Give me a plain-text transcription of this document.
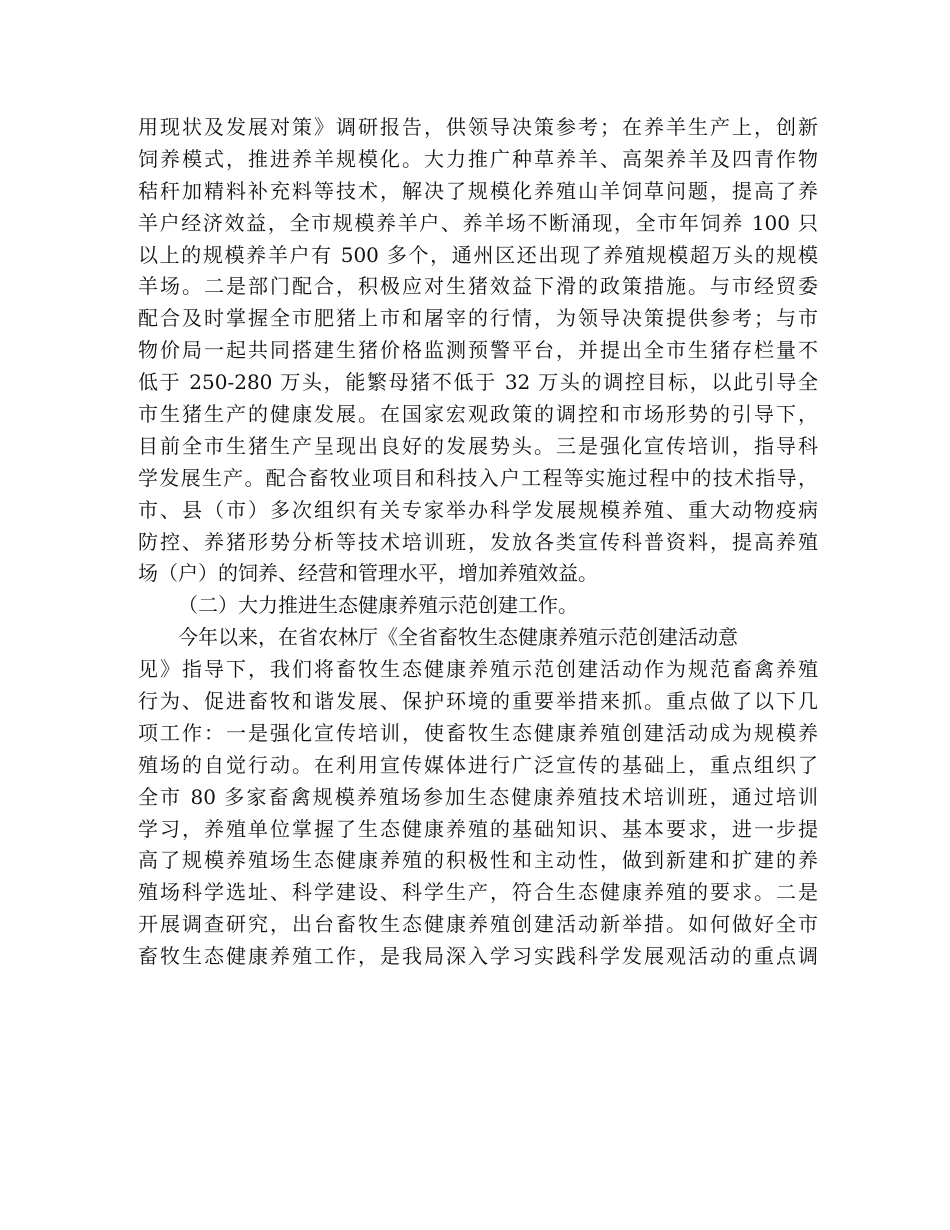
用现状及发展对策》调研报告，供领导决策参考；在养羊生产上，创新
饲养模式，推进养羊规模化。大力推广种草养羊、高架养羊及四青作物
秸秆加精料补充料等技术，解决了规模化养殖山羊饲草问题，提高了养
羊户经济效益，全市规模养羊户、养羊场不断涌现，全市年饲养 100 只
以上的规模养羊户有 500 多个，通州区还出现了养殖规模超万头的规模
羊场。二是部门配合，积极应对生猪效益下滑的政策措施。与市经贸委
配合及时掌握全市肥猪上市和屠宰的行情，为领导决策提供参考；与市
物价局一起共同搭建生猪价格监测预警平台，并提出全市生猪存栏量不
低于 250-280 万头，能繁母猪不低于 32 万头的调控目标，以此引导全
市生猪生产的健康发展。在国家宏观政策的调控和市场形势的引导下，
目前全市生猪生产呈现出良好的发展势头。三是强化宣传培训，指导科
学发展生产。配合畜牧业项目和科技入户工程等实施过程中的技术指导，
市、县（市）多次组织有关专家举办科学发展规模养殖、重大动物疫病
防控、养猪形势分析等技术培训班，发放各类宣传科普资料，提高养殖
场（户）的饲养、经营和管理水平，增加养殖效益。
（二）大力推进生态健康养殖示范创建工作。
今年以来，在省农林厅《全省畜牧生态健康养殖示范创建活动意
见》指导下，我们将畜牧生态健康养殖示范创建活动作为规范畜禽养殖
行为、促进畜牧和谐发展、保护环境的重要举措来抓。重点做了以下几
项工作：一是强化宣传培训，使畜牧生态健康养殖创建活动成为规模养
殖场的自觉行动。在利用宣传媒体进行广泛宣传的基础上，重点组织了
全市 80 多家畜禽规模养殖场参加生态健康养殖技术培训班，通过培训
学习，养殖单位掌握了生态健康养殖的基础知识、基本要求，进一步提
高了规模养殖场生态健康养殖的积极性和主动性，做到新建和扩建的养
殖场科学选址、科学建设、科学生产，符合生态健康养殖的要求。二是
开展调查研究，出台畜牧生态健康养殖创建活动新举措。如何做好全市
畜牧生态健康养殖工作，是我局深入学习实践科学发展观活动的重点调
